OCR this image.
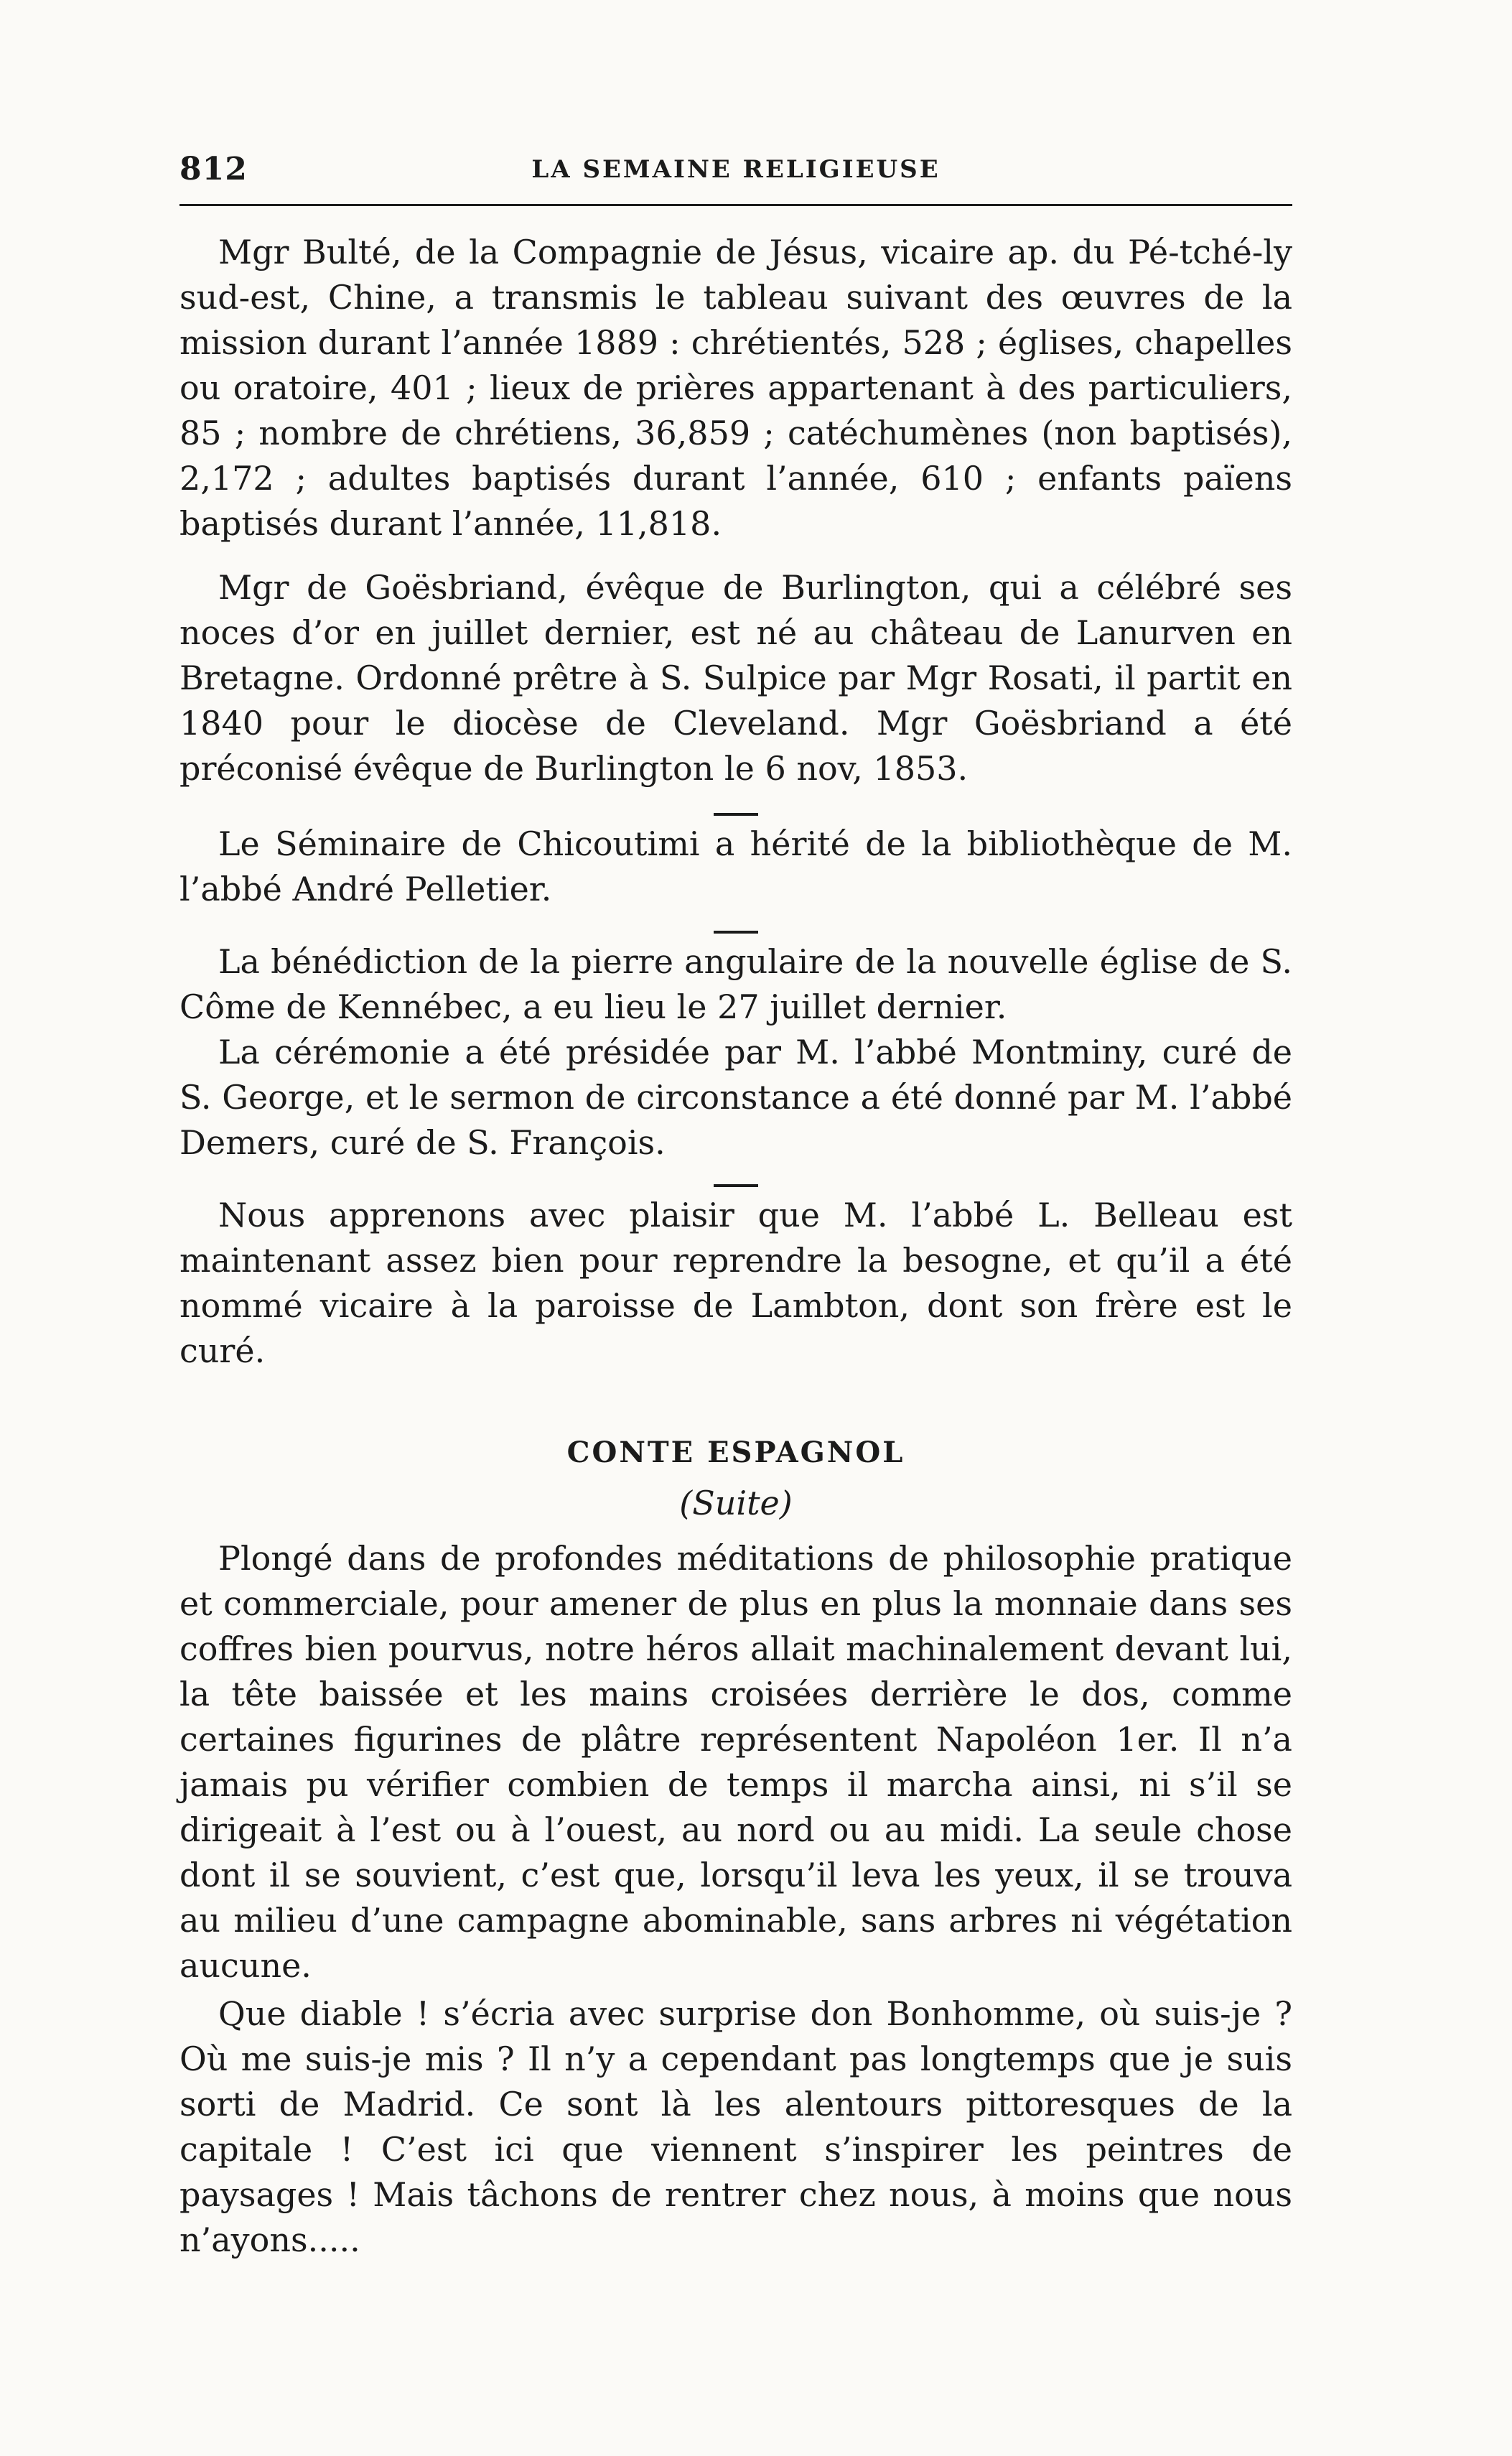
812	LA SEMAINE RELIGIEUSE

Mgr Bulté, de la Compagnie de Jésus, vicaire ap. du Pé-tché-ly sud-est, Chine, a transmis le tableau suivant des œuvres de la mission durant l’année 1889 : chrétientés, 528 ; églises, chapelles ou oratoire, 401 ; lieux de prières appartenant à des particuliers, 85 ; nombre de chrétiens, 36,859 ; catéchumènes (non baptisés), 2,172 ; adultes baptisés durant l’année, 610 ; enfants païens baptisés durant l’année, 11,818.

Mgr de Goësbriand, évêque de Burlington, qui a célébré ses noces d’or en juillet dernier, est né au château de Lanurven en Bretagne. Ordonné prêtre à S. Sulpice par Mgr Rosati, il partit en 1840 pour le diocèse de Cleveland. Mgr Goësbriand a été préconisé évêque de Burlington le 6 nov, 1853.

Le Séminaire de Chicoutimi a hérité de la bibliothèque de M. l’abbé André Pelletier.

La bénédiction de la pierre angulaire de la nouvelle église de S. Côme de Kennébec, a eu lieu le 27 juillet dernier.

La cérémonie a été présidée par M. l’abbé Montminy, curé de S. George, et le sermon de circonstance a été donné par M. l’abbé Demers, curé de S. François.

Nous apprenons avec plaisir que M. l’abbé L. Belleau est maintenant assez bien pour reprendre la besogne, et qu’il a été nommé vicaire à la paroisse de Lambton, dont son frère est le curé.

CONTE ESPAGNOL
(Suite)

Plongé dans de profondes méditations de philosophie pratique et commerciale, pour amener de plus en plus la monnaie dans ses coffres bien pourvus, notre héros allait machinalement devant lui, la tête baissée et les mains croisées derrière le dos, comme certaines figurines de plâtre représentent Napoléon 1er. Il n’a jamais pu vérifier combien de temps il marcha ainsi, ni s’il se dirigeait à l’est ou à l’ouest, au nord ou au midi. La seule chose dont il se souvient, c’est que, lorsqu’il leva les yeux, il se trouva au milieu d’une campagne abominable, sans arbres ni végétation aucune.

Que diable ! s’écria avec surprise don Bonhomme, où suis-je ? Où me suis-je mis ? Il n’y a cependant pas longtemps que je suis sorti de Madrid. Ce sont là les alentours pittoresques de la capitale ! C’est ici que viennent s’inspirer les peintres de paysages ! Mais tâchons de rentrer chez nous, à moins que nous n’ayons.....
